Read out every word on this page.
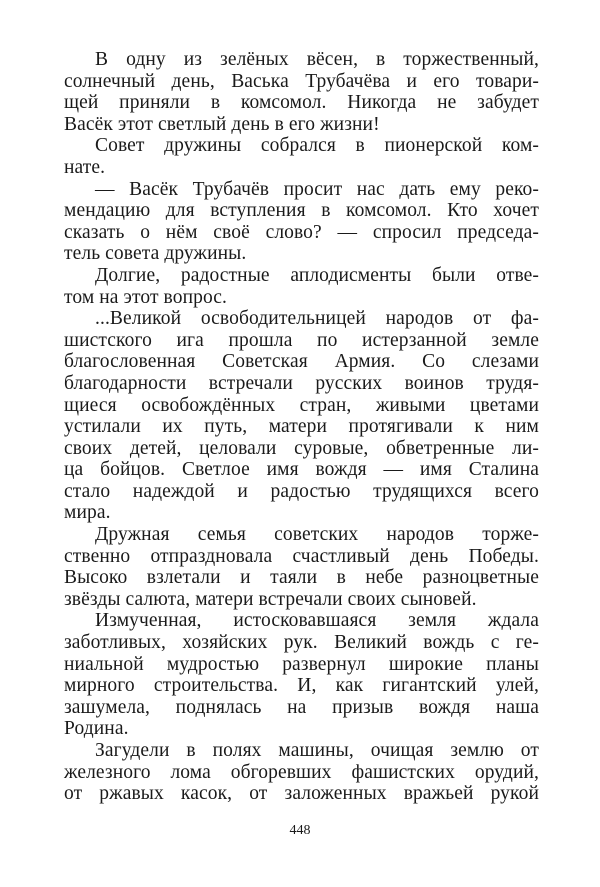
В одну из зелёных вёсен, в торжественный,
солнечный день, Васька Трубачёва и его товари-
щей приняли в комсомол. Никогда не забудет
Васёк этот светлый день в его жизни!
Совет дружины собрался в пионерской ком-
нате.
— Васёк Трубачёв просит нас дать ему реко-
мендацию для вступления в комсомол. Кто хочет
сказать о нём своё слово? — спросил председа-
тель совета дружины.
Долгие, радостные аплодисменты были отве-
том на этот вопрос.
...Великой освободительницей народов от фа-
шистского ига прошла по истерзанной земле
благословенная Советская Армия. Со слезами
благодарности встречали русских воинов трудя-
щиеся освобождённых стран, живыми цветами
устилали их путь, матери протягивали к ним
своих детей, целовали суровые, обветренные ли-
ца бойцов. Светлое имя вождя — имя Сталина
стало надеждой и радостью трудящихся всего
мира.
Дружная семья советских народов торже-
ственно отпраздновала счастливый день Победы.
Высоко взлетали и таяли в небе разноцветные
звёзды салюта, матери встречали своих сыновей.
Измученная, истосковавшаяся земля ждала
заботливых, хозяйских рук. Великий вождь с ге-
ниальной мудростью развернул широкие планы
мирного строительства. И, как гигантский улей,
зашумела, поднялась на призыв вождя наша
Родина.
Загудели в полях машины, очищая землю от
железного лома обгоревших фашистских орудий,
от ржавых касок, от заложенных вражьей рукой
448
